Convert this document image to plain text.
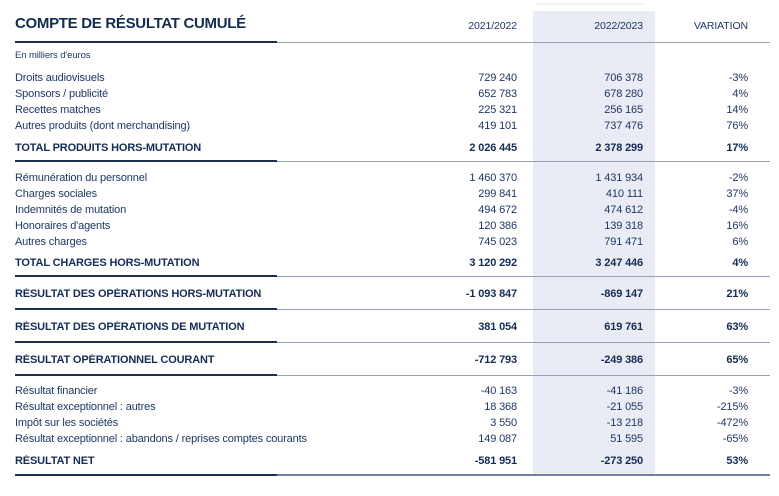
COMPTE DE RÉSULTAT CUMULÉ	2021/2022	2022/2023	VARIATION
En milliers d'euros
Droits audiovisuels	729 240	706 378	-3%
Sponsors / publicité	652 783	678 280	4%
Recettes matches	225 321	256 165	14%
Autres produits (dont merchandising)	419 101	737 476	76%
TOTAL PRODUITS HORS-MUTATION	2 026 445	2 378 299	17%
Rémunération du personnel	1 460 370	1 431 934	-2%
Charges sociales	299 841	410 111	37%
Indemnités de mutation	494 672	474 612	-4%
Honoraires d'agents	120 386	139 318	16%
Autres charges	745 023	791 471	6%
TOTAL CHARGES HORS-MUTATION	3 120 292	3 247 446	4%
RÉSULTAT DES OPÉRATIONS HORS-MUTATION	-1 093 847	-869 147	21%
RÉSULTAT DES OPÉRATIONS DE MUTATION	381 054	619 761	63%
RÉSULTAT OPÉRATIONNEL COURANT	-712 793	-249 386	65%
Résultat financier	-40 163	-41 186	-3%
Résultat exceptionnel : autres	18 368	-21 055	-215%
Impôt sur les sociétés	3 550	-13 218	-472%
Résultat exceptionnel : abandons / reprises comptes courants	149 087	51 595	-65%
RÉSULTAT NET	-581 951	-273 250	53%
